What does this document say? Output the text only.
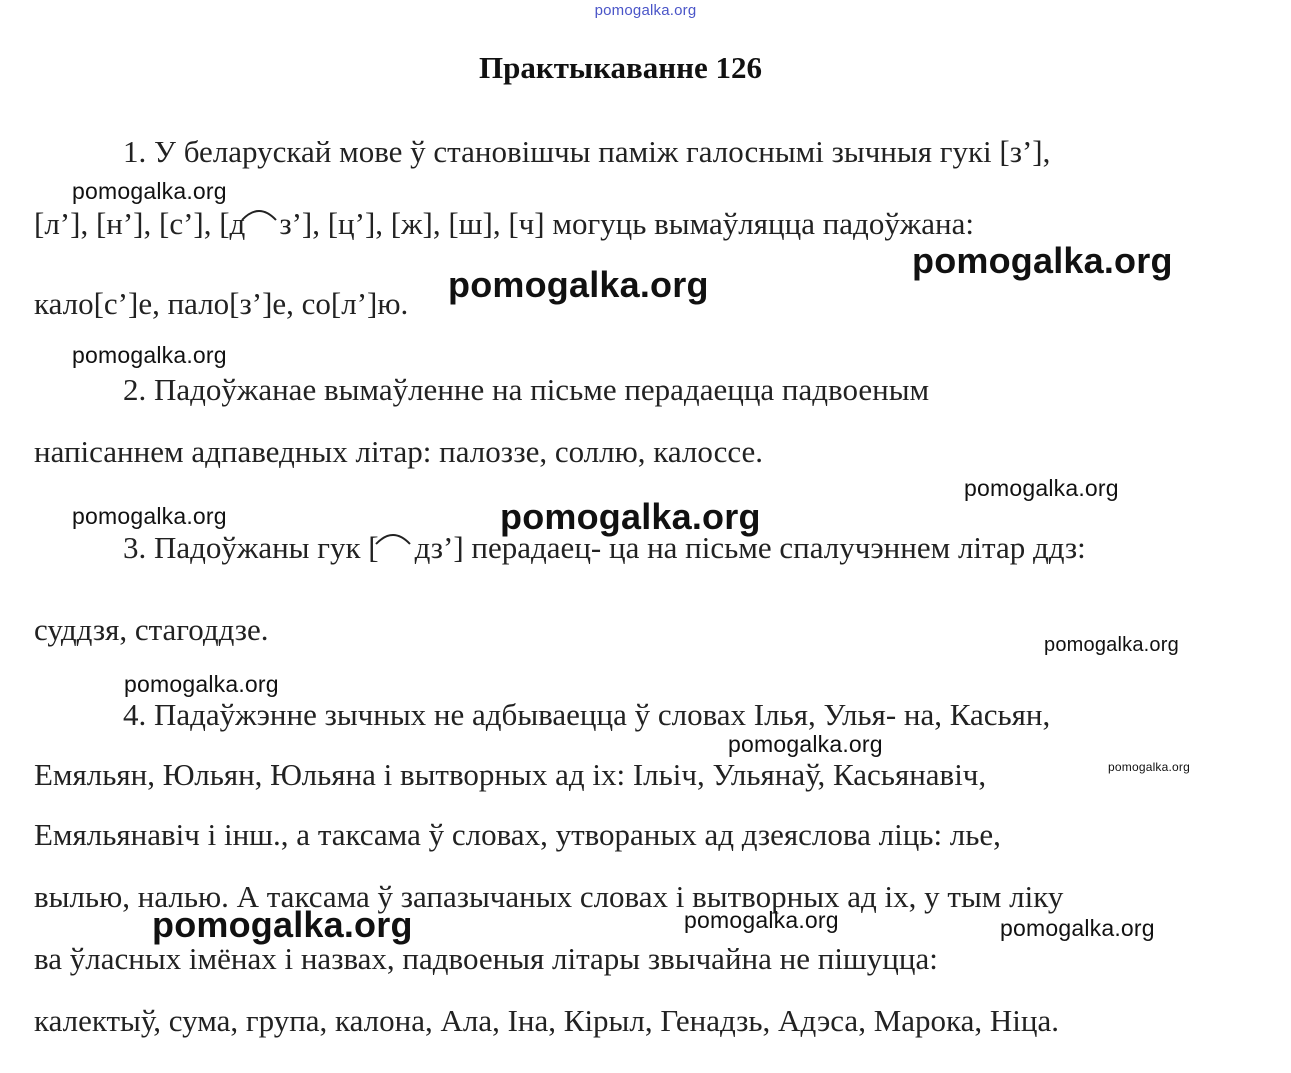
pomogalka.org
Практыкаванне 126
1. У беларускай мове ў становішчы паміж галоснымі зычныя гукі [з’],
[л’], [н’], [с’], [д з’], [ц’], [ж], [ш], [ч] могуць вымаўляцца падоўжана:
кало[с’]е, пало[з’]е, со[л’]ю.
2. Падоўжанае вымаўленне на пісьме перадаецца падвоеным
напісаннем адпаведных літар: палоззе, соллю, калоссе.
3. Падоўжаны гук [ дз’] перадаец- ца на пісьме спалучэннем літар ддз:
суддзя, стагоддзе.
4. Падаўжэнне зычных не адбываецца ў словах Ілья, Улья- на, Касьян,
Емяльян, Юльян, Юльяна і вытворных ад іх: Ільіч, Ульянаў, Касьянавіч,
Емяльянавіч і інш., а таксама ў словах, утвораных ад дзеяслова ліць: лье,
вылью, налью. А таксама ў запазычаных словах і вытворных ад іх, у тым ліку
ва ўласных імёнах і назвах, падвоеныя літары звычайна не пішуцца:
калектыў, сума, група, калона, Ала, Іна, Кірыл, Генадзь, Адэса, Марока, Ніца.
pomogalka.org
pomogalka.org
pomogalka.org
pomogalka.org
pomogalka.org
pomogalka.org	pomogalka.org
pomogalka.org
pomogalka.org
pomogalka.org
pomogalka.org
pomogalka.org	pomogalka.org	pomogalka.org
